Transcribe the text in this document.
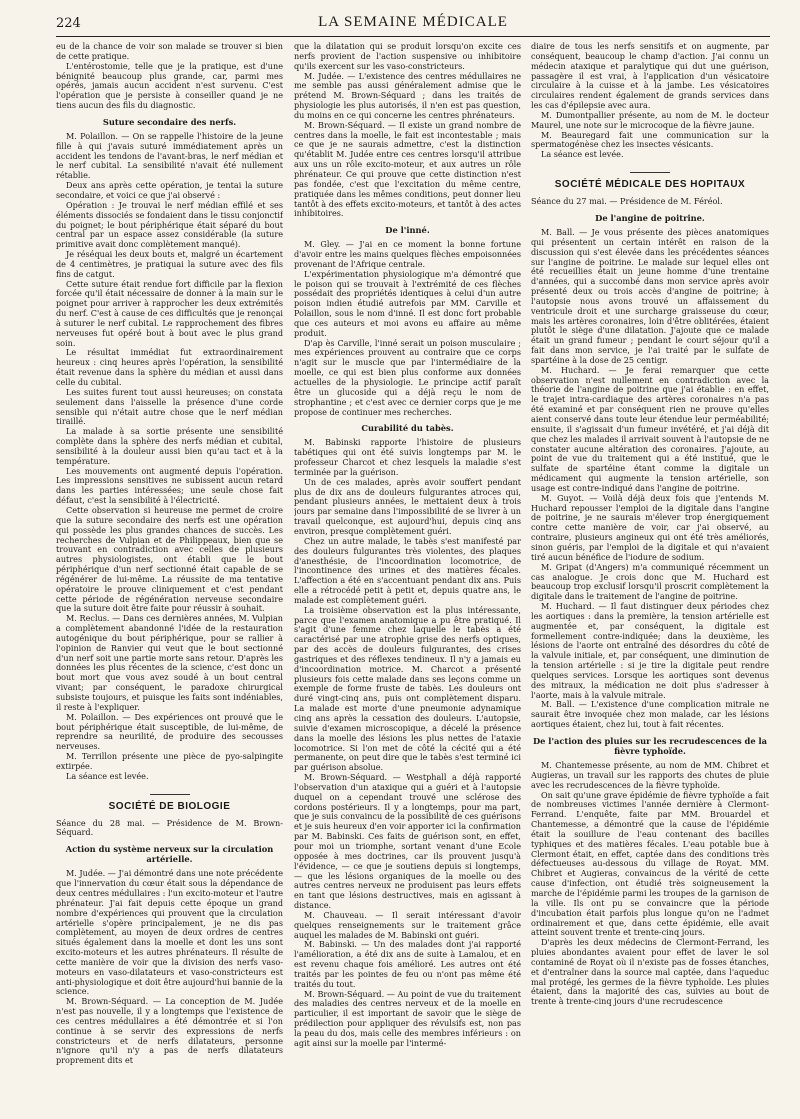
224	LA SEMAINE MÉDICALE

eu de la chance de voir son malade se trouver si bien de cette pratique.

L'entérostomie, telle que je la pratique, est d'une bénignité beaucoup plus grande, car, parmi mes opérés, jamais aucun accident n'est survenu. C'est l'opération que je persiste à conseiller quand je ne tiens aucun des fils du diagnostic.

Suture secondaire des nerfs.

M. Polaillon. — On se rappelle l'histoire de la jeune fille à qui j'avais suturé immédiatement après un accident les tendons de l'avant-bras, le nerf médian et le nerf cubital. La sensibilité n'avait été nullement rétablie.

Deux ans après cette opération, je tentai la suture secondaire, et voici ce que j'ai observé :

Opération : Je trouvai le nerf médian effilé et ses éléments dissociés se fondaient dans le tissu conjonctif du poignet; le bout périphérique était séparé du bout central par un espace assez considérable (la suture primitive avait donc complètement manqué).

Je réséquai les deux bouts et, malgré un écartement de 4 centimètres, je pratiquai la suture avec des fils fins de catgut.

Cette suture était rendue fort difficile par la flexion forcée qu'il était nécessaire de donner à la main sur le poignet pour arriver à rapprocher les deux extrémités du nerf. C'est à cause de ces difficultés que je renonçai à suturer le nerf cubital. Le rapprochement des fibres nerveuses fut opéré bout à bout avec le plus grand soin.

Le résultat immédiat fut extraordinairement heureux : cinq heures après l'opération, la sensibilité était revenue dans la sphère du médian et aussi dans celle du cubital.

Les suites furent tout aussi heureuses; on constata seulement dans l'aisselle la présence d'une corde sensible qui n'était autre chose que le nerf médian tiraillé.

La malade à sa sortie présente une sensibilité complète dans la sphère des nerfs médian et cubital, sensibilité à la douleur aussi bien qu'au tact et à la température.

Les mouvements ont augmenté depuis l'opération. Les impressions sensitives ne subissent aucun retard dans les parties intéressées; une seule chose fait défaut, c'est la sensibilité à l'électricité.

Cette observation si heureuse me permet de croire que la suture secondaire des nerfs est une opération qui possède les plus grandes chances de succès. Les recherches de Vulpian et de Philippeaux, bien que se trouvant en contradiction avec celles de plusieurs autres physiologistes, ont établi que le bout périphérique d'un nerf sectionné était capable de se régénérer de lui-même. La réussite de ma tentative opératoire le prouve cliniquement et c'est pendant cette période de régénération nerveuse secondaire que la suture doit être faite pour réussir à souhait.

M. Reclus. — Dans ces dernières années, M. Vulpian a complètement abandonné l'idée de la restauration autogénique du bout périphérique, pour se rallier à l'opinion de Ranvier qui veut que le bout sectionné d'un nerf soit une partie morte sans retour. D'après les données les plus récentes de la science, c'est donc un bout mort que vous avez soudé à un bout central vivant; par conséquent, le paradoxe chirurgical subsiste toujours, et puisque les faits sont indéniables, il reste à l'expliquer.

M. Polaillon. — Des expériences ont prouvé que le bout périphérique était susceptible, de lui-même, de reprendre sa neurilité, de produire des secousses nerveuses.

M. Terrillon présente une pièce de pyo-salpingite extirpée.

La séance est levée.

SOCIÉTÉ DE BIOLOGIE

Séance du 28 mai. — Présidence de M. Brown-Séquard.

Action du système nerveux sur la circulation artérielle.

M. Judée. — J'ai démontré dans une note précédente que l'innervation du cœur était sous la dépendance de deux centres médullaires : l'un excito-moteur et l'autre phrénateur. J'ai fait depuis cette époque un grand nombre d'expériences qui prouvent que la circulation artérielle s'opère principalement, je ne dis pas complètement, au moyen de deux ordres de centres situés également dans la moelle et dont les uns sont excito-moteurs et les autres phrénateurs. Il résulte de cette manière de voir que la division des nerfs vaso-moteurs en vaso-dilatateurs et vaso-constricteurs est anti-physiologique et doit être aujourd'hui bannie de la science.

M. Brown-Séquard. — La conception de M. Judée n'est pas nouvelle, il y a longtemps que l'existence de ces centres médullaires a été démontrée et si l'on continue à se servir des expressions de nerfs constricteurs et de nerfs dilatateurs, personne n'ignore qu'il n'y a pas de nerfs dilatateurs proprement dits et

que la dilatation qui se produit lorsqu'on excite ces nerfs provient de l'action suspensive ou inhibitoire qu'ils exercent sur les vaso-constricteurs.

M. Judée. — L'existence des centres médullaires ne me semble pas aussi généralement admise que le prétend M. Brown-Séquard ; dans les traités de physiologie les plus autorisés, il n'en est pas question, du moins en ce qui concerne les centres phrénateurs.

M. Brown-Séquard. — Il existe un grand nombre de centres dans la moelle, le fait est incontestable ; mais ce que je ne saurais admettre, c'est la distinction qu'établit M. Judée entre ces centres lorsqu'il attribue aux uns un rôle excito-moteur, et aux autres un rôle phrénateur. Ce qui prouve que cette distinction n'est pas fondée, c'est que l'excitation du même centre, pratiquée dans les mêmes conditions, peut donner lieu tantôt à des effets excito-moteurs, et tantôt à des actes inhibitoires.

De l'inné.

M. Gley. — J'ai en ce moment la bonne fortune d'avoir entre les mains quelques flèches empoisonnées provenant de l'Afrique centrale.

L'expérimentation physiologique m'a démontré que le poison qui se trouvait à l'extrémité de ces flèches possédait des propriétés identiques à celui d'un autre poison indien étudié autrefois par MM. Carville et Polaillon, sous le nom d'inné. Il est donc fort probable que ces auteurs et moi avons eu affaire au même produit.

D'ap ès Carville, l'inné serait un poison musculaire ; mes expériences prouvent au contraire que ce corps n'agit sur le muscle que par l'intermédiaire de la moelle, ce qui est bien plus conforme aux données actuelles de la physiologie. Le principe actif paraît être un glucoside qui a déjà reçu le nom de strophantine ; et c'est avec ce dernier corps que je me propose de continuer mes recherches.

Curabilité du tabès.

M. Babinski rapporte l'histoire de plusieurs tabétiques qui ont été suivis longtemps par M. le professeur Charcot et chez lesquels la maladie s'est terminée par la guérison.

Un de ces malades, après avoir souffert pendant plus de dix ans de douleurs fulgurantes atroces qui, pendant plusieurs années, le mettaient deux à trois jours par semaine dans l'impossibilité de se livrer à un travail quelconque, est aujourd'hui, depuis cinq ans environ, presque complètement guéri.

Chez un autre malade, le tabès s'est manifesté par des douleurs fulgurantes très violentes, des plaques d'anesthésie, de l'incoordination locomotrice, de l'incontinence des urines et des matières fécales. L'affection a été en s'accentuant pendant dix ans. Puis elle a rétrocédé petit à petit et, depuis quatre ans, le malade est complètement guéri.

La troisième observation est la plus intéressante, parce que l'examen anatomique a pu être pratiqué. Il s'agit d'une femme chez laquelle le tabès a été caractérisé par une atrophie grise des nerfs optiques, par des accès de douleurs fulgurantes, des crises gastriques et des réflexes tendineux. Il n'y a jamais eu d'incoordination motrice. M. Charcot a présenté plusieurs fois cette malade dans ses leçons comme un exemple de forme fruste de tabès. Les douleurs ont duré vingt-cinq ans, puis ont complètement disparu. La malade est morte d'une pneumonie adynamique cinq ans après la cessation des douleurs. L'autopsie, suivie d'examen microscopique, a décelé la présence dans la moelle des lésions les plus nettes de l'ataxie locomotrice. Si l'on met de côté la cécité qui a été permanente, on peut dire que le tabès s'est terminé ici par guérison absolue.

M. Brown-Séquard. — Westphall a déjà rapporté l'observation d'un ataxique qui a guéri et à l'autopsie duquel on a cependant trouvé une sclérose des cordons postérieurs. Il y a longtemps, pour ma part, que je suis convaincu de la possibilité de ces guérisons et je suis heureux d'en voir apporter ici la confirmation par M. Babinski. Ces faits de guérison sont, en effet, pour moi un triomphe, sortant venant d'une Ecole opposée à mes doctrines, car ils prouvent jusqu'à l'évidence, — ce que je soutiens depuis si longtemps, — que les lésions organiques de la moelle ou des autres centres nerveux ne produisent pas leurs effets en tant que lésions destructives, mais en agissant à distance.

M. Chauveau. — Il serait intéressant d'avoir quelques renseignements sur le traitement grâce auquel les malades de M. Babinski ont guéri.

M. Babinski. — Un des malades dont j'ai rapporté l'amélioration, a été dix ans de suite à Lamalou, et en est revenu chaque fois amélioré. Les autres ont été traités par les pointes de feu ou n'ont pas même été traités du tout.

M. Brown-Séquard. — Au point de vue du traitement des maladies des centres nerveux et de la moelle en particulier, il est important de savoir que le siège de prédilection pour appliquer des révulsifs est, non pas la peau du dos, mais celle des membres inférieurs : on agit ainsi sur la moelle par l'intermé-

diaire de tous les nerfs sensitifs et on augmente, par conséquent, beaucoup le champ d'action. J'ai connu un médecin ataxique et paralytique qui dut une guérison, passagère il est vrai, à l'application d'un vésicatoire circulaire à la cuisse et à la jambe. Les vésicatoires circulaires rendent également de grands services dans les cas d'épilepsie avec aura.

M. Dumontpallier présente, au nom de M. le docteur Maurel, une note sur le microcoque de la fièvre jaune.

M. Beauregard fait une communication sur la spermatogénèse chez les insectes vésicants.

La séance est levée.

SOCIÉTÉ MÉDICALE DES HOPITAUX

Séance du 27 mai. — Présidence de M. Féréol.

De l'angine de poitrine.

M. Ball. — Je vous présente des pièces anatomiques qui présentent un certain intérêt en raison de la discussion qui s'est élevée dans les précédentes séances sur l'angine de poitrine. Le malade sur lequel elles ont été recueillies était un jeune homme d'une trentaine d'années, qui a succombé dans mon service après avoir présenté deux ou trois accès d'angine de poitrine; à l'autopsie nous avons trouvé un affaissement du ventricule droit et une surcharge graisseuse du cœur, mais les artères coronaires, loin d'être oblitérées, étaient plutôt le siège d'une dilatation. J'ajoute que ce malade était un grand fumeur ; pendant le court séjour qu'il a fait dans mon service, je l'ai traité par le sulfate de spartéine à la dose de 25 centigr.

M. Huchard. — Je ferai remarquer que cette observation n'est nullement en contradiction avec la théorie de l'angine de poitrine que j'ai établie : en effet, le trajet intra-cardiaque des artères coronaires n'a pas été examiné et par conséquent rien ne prouve qu'elles aient conservé dans toute leur étendue leur perméabilité; ensuite, il s'agissait d'un fumeur invétéré, et j'ai déjà dit que chez les malades il arrivait souvent à l'autopsie de ne constater aucune altération des coronaires. J'ajoute, au point de vue du traitement qui a été institué, que le sulfate de spartéine étant comme la digitale un médicament qui augmente la tension artérielle, son usage est contre-indiqué dans l'angine de poitrine.

M. Guyot. — Voilà déjà deux fois que j'entends M. Huchard repousser l'emploi de la digitale dans l'angine de poitrine, je ne saurais m'élever trop énergiquement contre cette manière de voir, car j'ai observé, au contraire, plusieurs angineux qui ont été très améliorés, sinon guéris, par l'emploi de la digitale et qui n'avaient tiré aucun bénéfice de l'iodure de sodium.

M. Gripat (d'Angers) m'a communiqué récemment un cas analogue. Je crois donc que M. Huchard est beaucoup trop exclusif lorsqu'il proscrit complètement la digitale dans le traitement de l'angine de poitrine.

M. Huchard. — Il faut distinguer deux périodes chez les aortiques : dans la première, la tension artérielle est augmentée et, par conséquent, la digitale est formellement contre-indiquée; dans la deuxième, les lésions de l'aorte ont entraîné des désordres du côté de la valvule initiale, et, par conséquent, une diminution de la tension artérielle : si je tire la digitale peut rendre quelques services. Lorsque les aortiques sont devenus des mitraux, la médication ne doit plus s'adresser à l'aorte, mais à la valvule mitrale.

M. Ball. — L'existence d'une complication mitrale ne saurait être invoquée chez mon malade, car les lésions aortiques étaient, chez lui, tout à fait récentes.

De l'action des pluies sur les recrudescences de la fièvre typhoïde.

M. Chantemesse présente, au nom de MM. Chibret et Augieras, un travail sur les rapports des chutes de pluie avec les recrudescences de la fièvre typhoïde.

On sait qu'une grave épidémie de fièvre typhoïde a fait de nombreuses victimes l'année dernière à Clermont-Ferrand. L'enquête, faite par MM. Brouardel et Chantemesse, a démontré que la cause de l'épidémie était la souillure de l'eau contenant des bacilles typhiques et des matières fécales. L'eau potable bue à Clermont était, en effet, captée dans des conditions très défectueuses au-dessous du village de Royat. MM. Chibret et Augieras, convaincus de la vérité de cette cause d'infection, ont étudié très soigneusement la marche de l'épidémie parmi les troupes de la garnison de la ville. Ils ont pu se convaincre que la période d'incubation était parfois plus longue qu'on ne l'admet ordinairement et que, dans cette épidémie, elle avait atteint souvent trente et trente-cinq jours.

D'après les deux médecins de Clermont-Ferrand, les pluies abondantes avaient pour effet de laver le sol contaminé de Royat où il n'existe pas de fosses étanches, et d'entraîner dans la source mal captée, dans l'aqueduc mal protégé, les germes de la fièvre typhoïde. Les pluies étaient, dans la majorité des cas, suivies au bout de trente à trente-cinq jours d'une recrudescence
